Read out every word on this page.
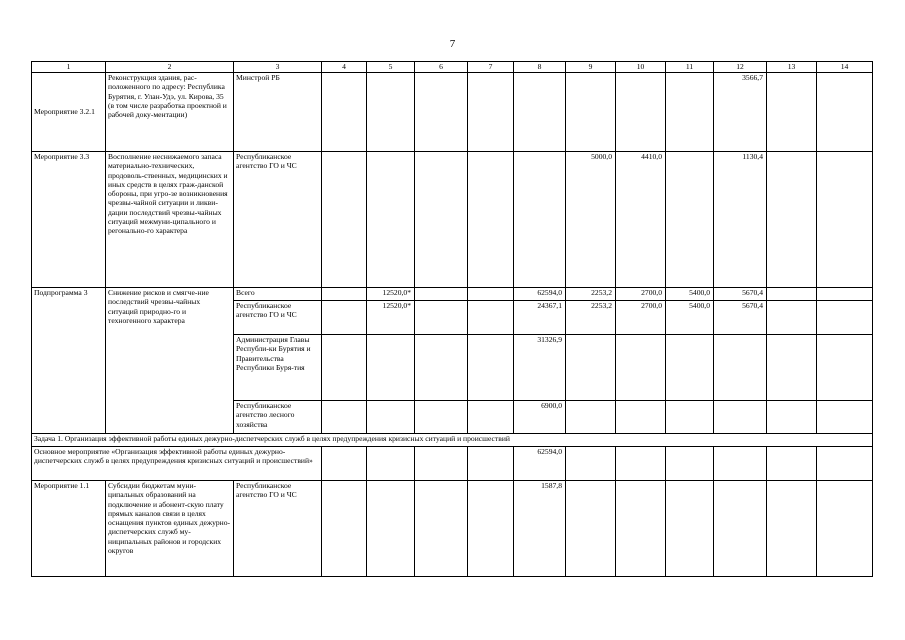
7
1	2	3	4	5	6	7	8	9	10	11	12	13	14
Мероприятие 3.2.1	Реконструкция здания, рас-положенного по адресу: Республика Бурятия, г. Улан-Удэ, ул. Кирова, 35 (в том числе разработка проектной и рабочей доку-ментации)	Минстрой РБ									3566,7		
Мероприятие 3.3	Восполнение неснижаемого запаса материально-технических, продоволь-ственных, медицинских и иных средств в целях граж-данской обороны, при угро-зе возникновения чрезвы-чайной ситуации и ликви-дации последствий чрезвы-чайных ситуаций межмуни-ципального и регонально-го характера	Республиканское агентство ГО и ЧС						5000,0	4410,0		1130,4		
Подпрограмма 3	Снижение рисков и смягче-ние последствий чрезвы-чайных ситуаций природно-го и техногенного характера	Всего		12520,0*			62594,0	2253,2	2700,0	5400,0	5670,4		
		Республиканское агентство ГО и ЧС		12520,0*			24367,1	2253,2	2700,0	5400,0	5670,4		
		Администрация Главы Республи-ки Бурятия и Правительства Республики Буря-тия					31326,9						
		Республиканское агентство лесного хозяйства					6900,0						
Задача 1. Организация эффективной работы единых дежурно-диспетчерских служб в целях предупреждения кризисных ситуаций и происшествий													
Основное мероприятие «Организация эффективной работы единых дежурно-диспетчерских служб в целях предупреждения кризисных ситуаций и происшествий»							62594,0						
Мероприятие 1.1	Субсидии бюджетам муни-ципальных образований на подключение и абонент-скую плату прямых каналов связи в целях оснащения пунктов единых дежурно-диспетчерских служб му-ниципальных районов и городских округов	Республиканское агентство ГО и ЧС					1587,8						
